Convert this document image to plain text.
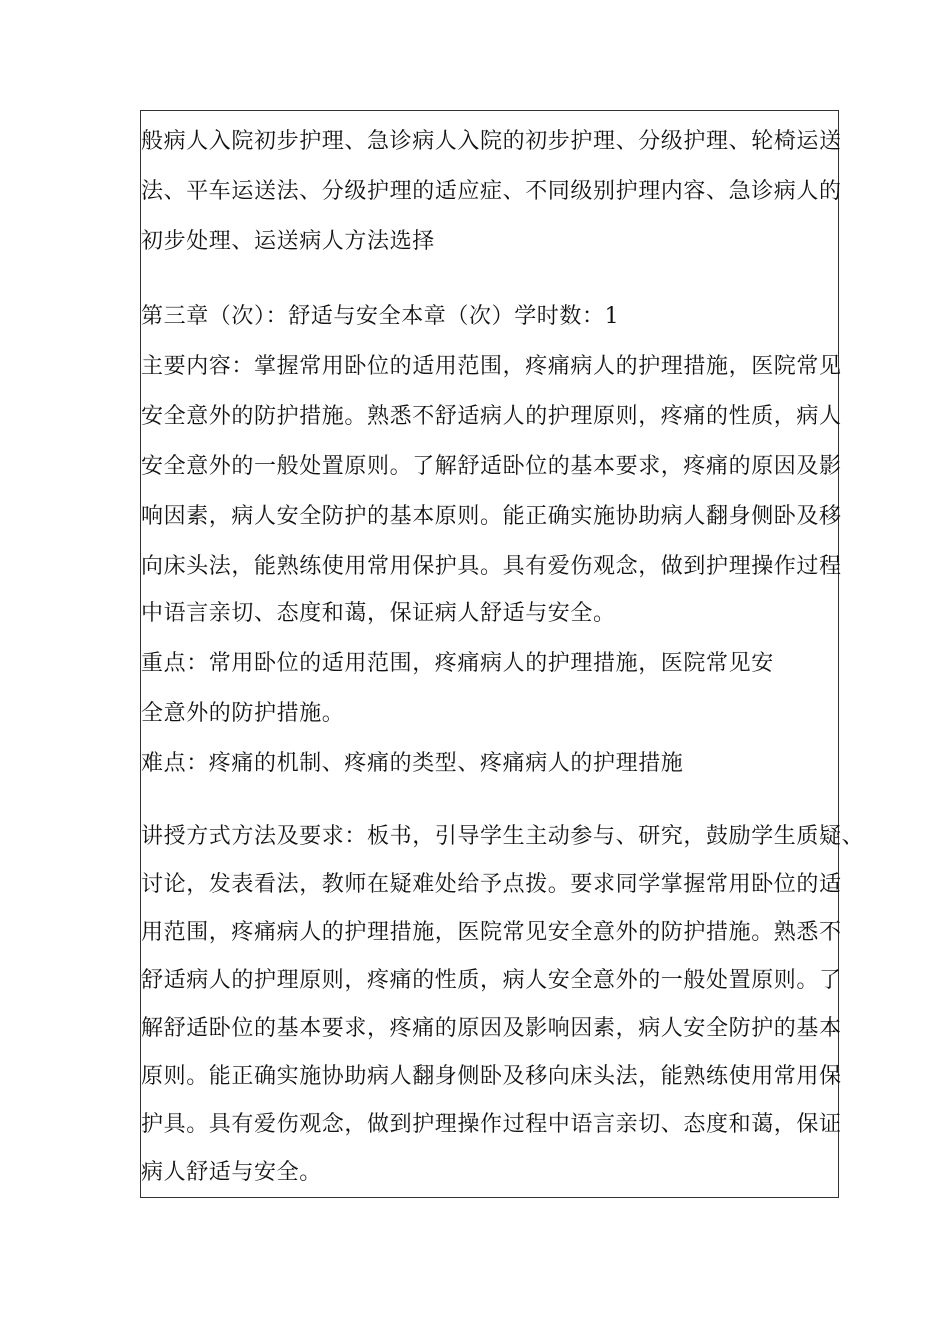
般病人入院初步护理、急诊病人入院的初步护理、分级护理、轮椅运送
法、平车运送法、分级护理的适应症、不同级别护理内容、急诊病人的
初步处理、运送病人方法选择
第三章（次）：舒适与安全本章（次）学时数：1
主要内容：掌握常用卧位的适用范围，疼痛病人的护理措施，医院常见
安全意外的防护措施。熟悉不舒适病人的护理原则，疼痛的性质，病人
安全意外的一般处置原则。了解舒适卧位的基本要求，疼痛的原因及影
响因素，病人安全防护的基本原则。能正确实施协助病人翻身侧卧及移
向床头法，能熟练使用常用保护具。具有爱伤观念，做到护理操作过程
中语言亲切、态度和蔼，保证病人舒适与安全。
重点：常用卧位的适用范围，疼痛病人的护理措施，医院常见安
全意外的防护措施。
难点：疼痛的机制、疼痛的类型、疼痛病人的护理措施
讲授方式方法及要求：板书，引导学生主动参与、研究，鼓励学生质疑、
讨论，发表看法，教师在疑难处给予点拨。要求同学掌握常用卧位的适
用范围，疼痛病人的护理措施，医院常见安全意外的防护措施。熟悉不
舒适病人的护理原则，疼痛的性质，病人安全意外的一般处置原则。了
解舒适卧位的基本要求，疼痛的原因及影响因素，病人安全防护的基本
原则。能正确实施协助病人翻身侧卧及移向床头法，能熟练使用常用保
护具。具有爱伤观念，做到护理操作过程中语言亲切、态度和蔼，保证
病人舒适与安全。
